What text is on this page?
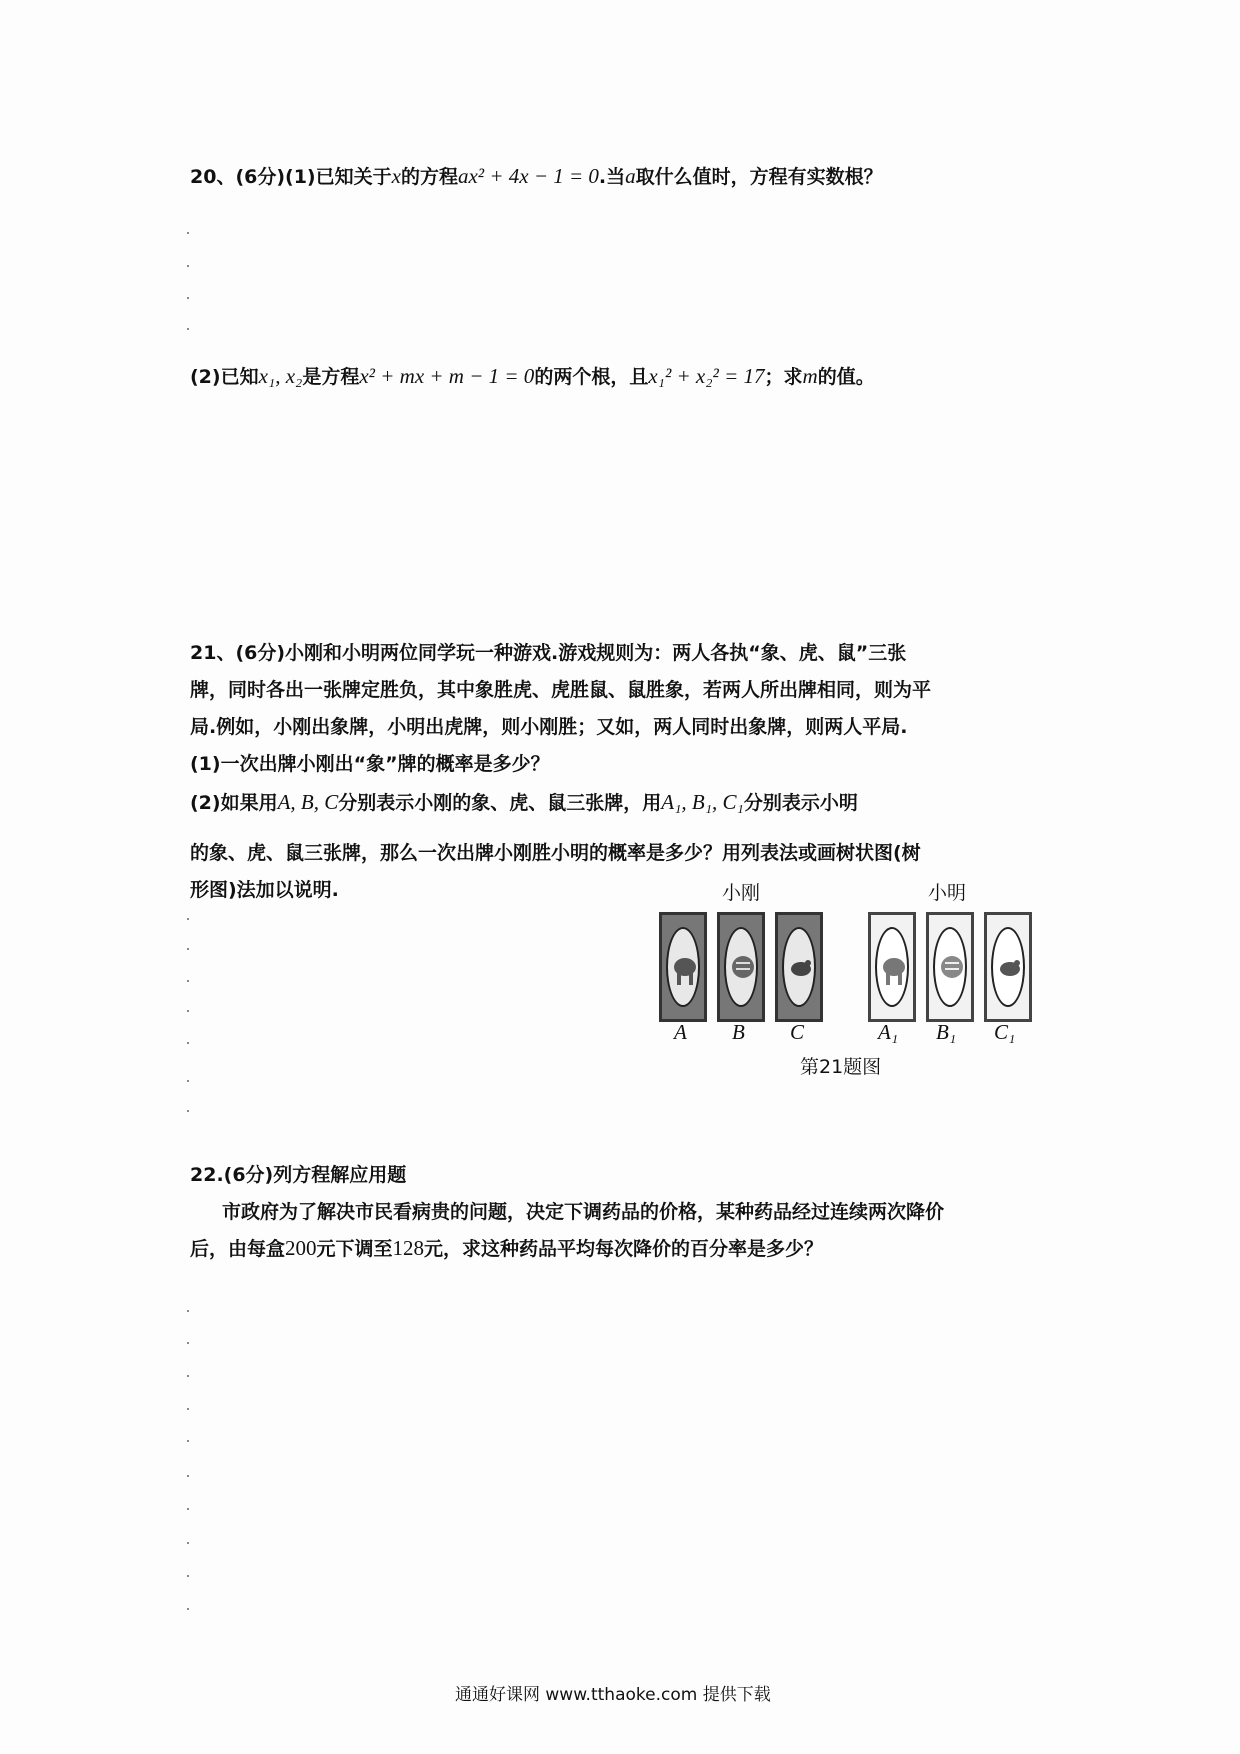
20、(6分)(1)已知关于x的方程ax² + 4x − 1 = 0.当a取什么值时，方程有实数根？
(2)已知x₁, x₂是方程x² + mx + m − 1 = 0的两个根，且x₁² + x₂² = 17；求m的值。
21、(6分)小刚和小明两位同学玩一种游戏.游戏规则为：两人各执“象、虎、鼠”三张
牌，同时各出一张牌定胜负，其中象胜虎、虎胜鼠、鼠胜象，若两人所出牌相同，则为平
局.例如，小刚出象牌，小明出虎牌，则小刚胜；又如，两人同时出象牌，则两人平局.
(1)一次出牌小刚出“象”牌的概率是多少？
(2)如果用A, B, C分别表示小刚的象、虎、鼠三张牌，用A₁, B₁, C₁分别表示小明
的象、虎、鼠三张牌，那么一次出牌小刚胜小明的概率是多少？用列表法或画树状图(树
形图)法加以说明.	小刚	小明
A B C	A₁ B₁ C₁
第21题图
22.(6分)列方程解应用题
市政府为了解决市民看病贵的问题，决定下调药品的价格，某种药品经过连续两次降价
后，由每盒200元下调至128元，求这种药品平均每次降价的百分率是多少？
通通好课网 www.tthaoke.com 提供下载
